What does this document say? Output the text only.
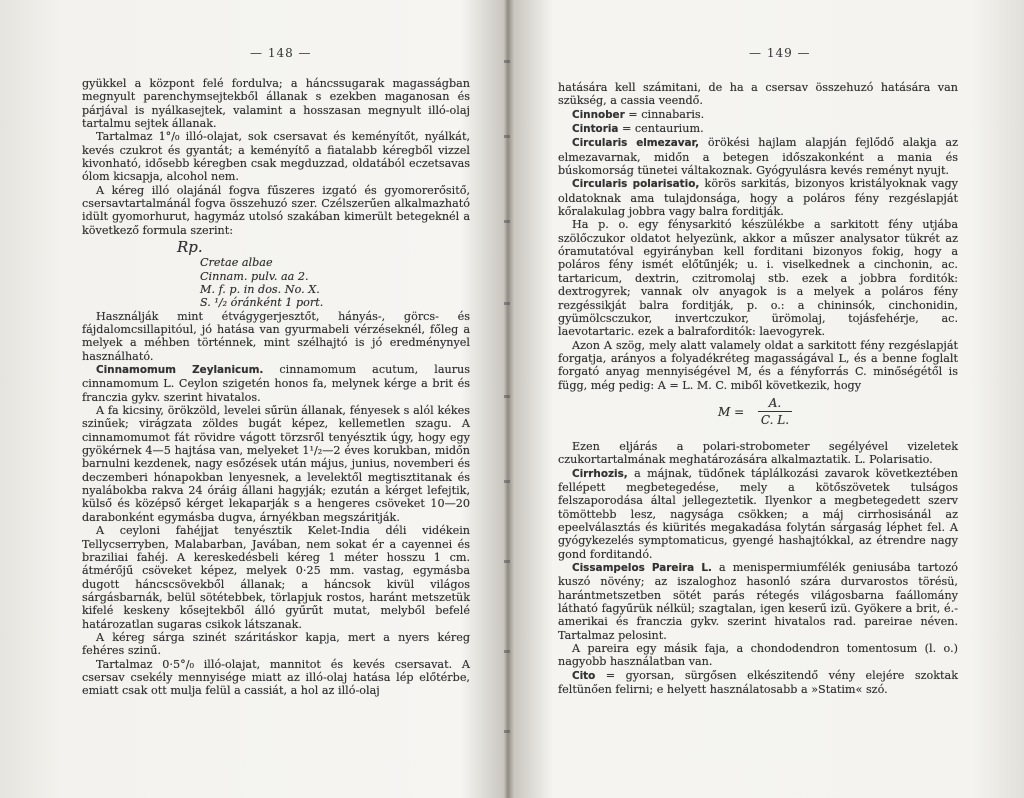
— 148 —

gyükkel a központ felé fordulva; a háncssugarak magasságban megnyult parenchymsejtekből állanak s ezekben maganosan és párjával is nyálkasejtek, valamint a hosszasan megnyult illó-olaj tartalmu sejtek állanak.

Tartalmaz 1°/₀ illó-olajat, sok csersavat és keményítőt, nyálkát, kevés czukrot és gyantát; a keményítő a fiatalabb kéregből vizzel kivonható, idősebb kéregben csak megduzzad, oldatából eczetsavas ólom kicsapja, alcohol nem.

A kéreg illó olajánál fogva fűszeres izgató és gyomorerősitő, csersavtartalmánál fogva összehuzó szer. Czélszerűen alkalmazható idült gyomorhurut, hagymáz utolsó szakában kimerült betegeknél a következő formula szerint:

Rp.
Cretae albae
Cinnam. pulv. aa 2.
M. f. p. in dos. No. X.
S. ¹/₂ óránként 1 port.

Használják mint étvágygerjesztőt, hányás-, görcs- és fájdalomcsillapitóul, jó hatása van gyurmabeli vérzéseknél, főleg a melyek a méhben történnek, mint szélhajtó is jó eredménynyel használható.

Cinnamomum Zeylanicum. cinnamomum acutum, laurus cinnamomum L. Ceylon szigetén honos fa, melynek kérge a brit és franczia gykv. szerint hivatalos.

A fa kicsiny, örökzöld, levelei sűrün állanak, fényesek s alól kékes szinűek; virágzata zöldes bugát képez, kellemetlen szagu. A cinnamomumot fát rövidre vágott törzsről tenyésztik úgy, hogy egy gyökérnek 4—5 hajtása van, melyeket 1¹/₂—2 éves korukban, midőn barnulni kezdenek, nagy esőzések után május, junius, novemberi és deczemberi hónapokban lenyesnek, a levelektől megtisztitanak és nyalábokba rakva 24 óráig állani hagyják; ezután a kérget lefejtik, külső és középső kérget lekaparják s a hengeres csöveket 10—20 darabonként egymásba dugva, árnyékban megszáritják.

A ceyloni fahéjjat tenyésztik Kelet-India déli vidékein Tellycserryben, Malabarban, Javában, nem sokat ér a cayennei és braziliai fahéj. A kereskedésbeli kéreg 1 méter hosszu 1 cm. átmérőjű csöveket képez, melyek 0·25 mm. vastag, egymásba dugott háncscsövekből állanak; a háncsok kivül világos sárgásbarnák, belül sötétebbek, törlapjuk rostos, haránt metszetük kifelé keskeny kősejtekből álló gyűrűt mutat, melyből befelé határozatlan sugaras csikok látszanak.

A kéreg sárga szinét száritáskor kapja, mert a nyers kéreg fehéres szinű.

Tartalmaz 0·5°/₀ illó-olajat, mannitot és kevés csersavat. A csersav csekély mennyisége miatt az illó-olaj hatása lép előtérbe, emiatt csak ott mulja felül a cassiát, a hol az illó-olaj

— 149 —

hatására kell számitani, de ha a csersav összehuzó hatására van szükség, a cassia veendő.

Cinnober = cinnabaris.

Cintoria = centaurium.

Circularis elmezavar, örökési hajlam alapján fejlődő alakja az elmezavarnak, midőn a betegen időszakonként a mania és búskomorság tünetei váltakoznak. Gyógyulásra kevés reményt nyujt.

Circularis polarisatio, körös sarkitás, bizonyos kristályoknak vagy oldatoknak ama tulajdonsága, hogy a poláros fény rezgéslapját kőralakulag jobbra vagy balra forditják.

Ha p. o. egy fénysarkitó készülékbe a sarkitott fény utjába szölőczukor oldatot helyezünk, akkor a műszer analysator tükrét az óramutatóval egyirányban kell forditani bizonyos fokig, hogy a poláros fény ismét előtűnjék; u. i. viselkednek a cinchonin, ac. tartaricum, dextrin, czitromolaj stb. ezek a jobbra forditók: dextrogyrek; vannak olv anyagok is a melyek a poláros fény rezgéssikját balra forditják, p. o.: a chininsók, cinchonidin, gyümölcsczukor, invertczukor, ürömolaj, tojásfehérje, ac. laevotartaric. ezek a balraforditók: laevogyrek.

Azon A szög, mely alatt valamely oldat a sarkitott fény rezgéslapját forgatja, arányos a folyadékréteg magasságával L, és a benne foglalt forgató anyag mennyiségével M, és a fényforrás C. minőségétől is függ, még pedig: A = L. M. C. miből következik, hogy

M =
A.
C. L.

Ezen eljárás a polari-strobometer segélyével vizeletek czukortartalmának meghatározására alkalmaztatik. L. Polarisatio.

Cirrhozis, a májnak, tüdőnek táplálkozási zavarok következtében fellépett megbetegedése, mely a kötőszövetek tulságos felszaporodása által jellegeztetik. Ilyenkor a megbetegedett szerv tömöttebb lesz, nagysága csökken; a máj cirrhosisánál az epeelválasztás és kiürités megakadása folytán sárgaság léphet fel. A gyógykezelés symptomaticus, gyengé hashajtókkal, az étrendre nagy gond forditandó.

Cissampelos Pareira L. a menispermiumfélék geniusába tartozó kuszó növény; az iszaloghoz hasonló szára durvarostos törésü, harántmetszetben sötét parás rétegés világosbarna faállomány látható fagyűrük nélkül; szagtalan, igen keserű izü. Gyökere a brit, é.-amerikai és franczia gykv. szerint hivatalos rad. pareirae néven. Tartalmaz pelosint.

A pareira egy másik faja, a chondodendron tomentosum (l. o.) nagyobb használatban van.

Cito = gyorsan, sürgősen elkészitendő vény elejére szoktak feltünően felirni; e helyett használatosabb a »Statim« szó.
